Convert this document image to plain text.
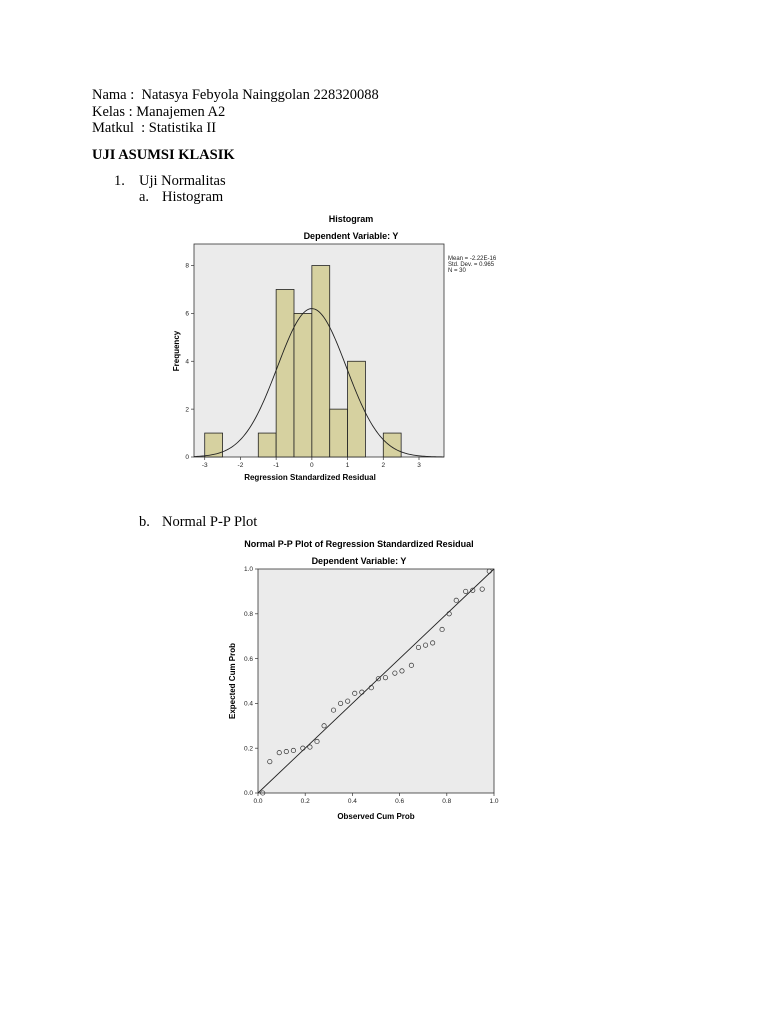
Nama :  Natasya Febyola Nainggolan 228320088
Kelas : Manajemen A2
Matkul  : Statistika II
UJI ASUMSI KLASIK
1. Uji Normalitas
a. Histogram
Histogram
Dependent Variable: Y
0
2
4
6
8
-3	-2	-1	0	1	2	3
Regression Standardized Residual
Frequency
Mean = -2.22E-16
Std. Dev. = 0.965
N = 30
b. Normal P-P Plot
Normal P-P Plot of Regression Standardized Residual
Dependent Variable: Y
0.0
0.2
0.4
0.6
0.8
1.0
0.0	0.2	0.4	0.6	0.8	1.0
Observed Cum Prob
Expected Cum Prob
